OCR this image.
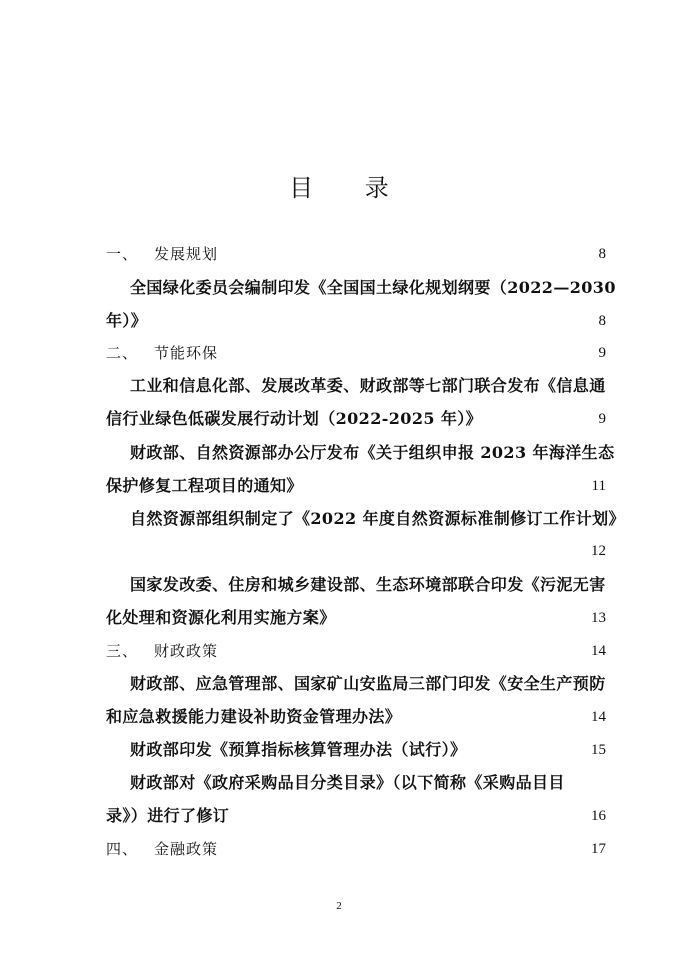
目 录
一、 发展规划	8
全国绿化委员会编制印发《全国国土绿化规划纲要（2022—2030
年）》	8
二、 节能环保	9
工业和信息化部、发展改革委、财政部等七部门联合发布《信息通
信行业绿色低碳发展行动计划（2022-2025 年）》	9
财政部、自然资源部办公厅发布《关于组织申报 2023 年海洋生态
保护修复工程项目的通知》	11
自然资源部组织制定了《2022 年度自然资源标准制修订工作计划》
12
国家发改委、住房和城乡建设部、生态环境部联合印发《污泥无害
化处理和资源化利用实施方案》	13
三、 财政政策	14
财政部、应急管理部、国家矿山安监局三部门印发《安全生产预防
和应急救援能力建设补助资金管理办法》	14
财政部印发《预算指标核算管理办法（试行）》	15
财政部对《政府采购品目分类目录》（以下简称《采购品目目
录》）进行了修订	16
四、 金融政策	17
2
